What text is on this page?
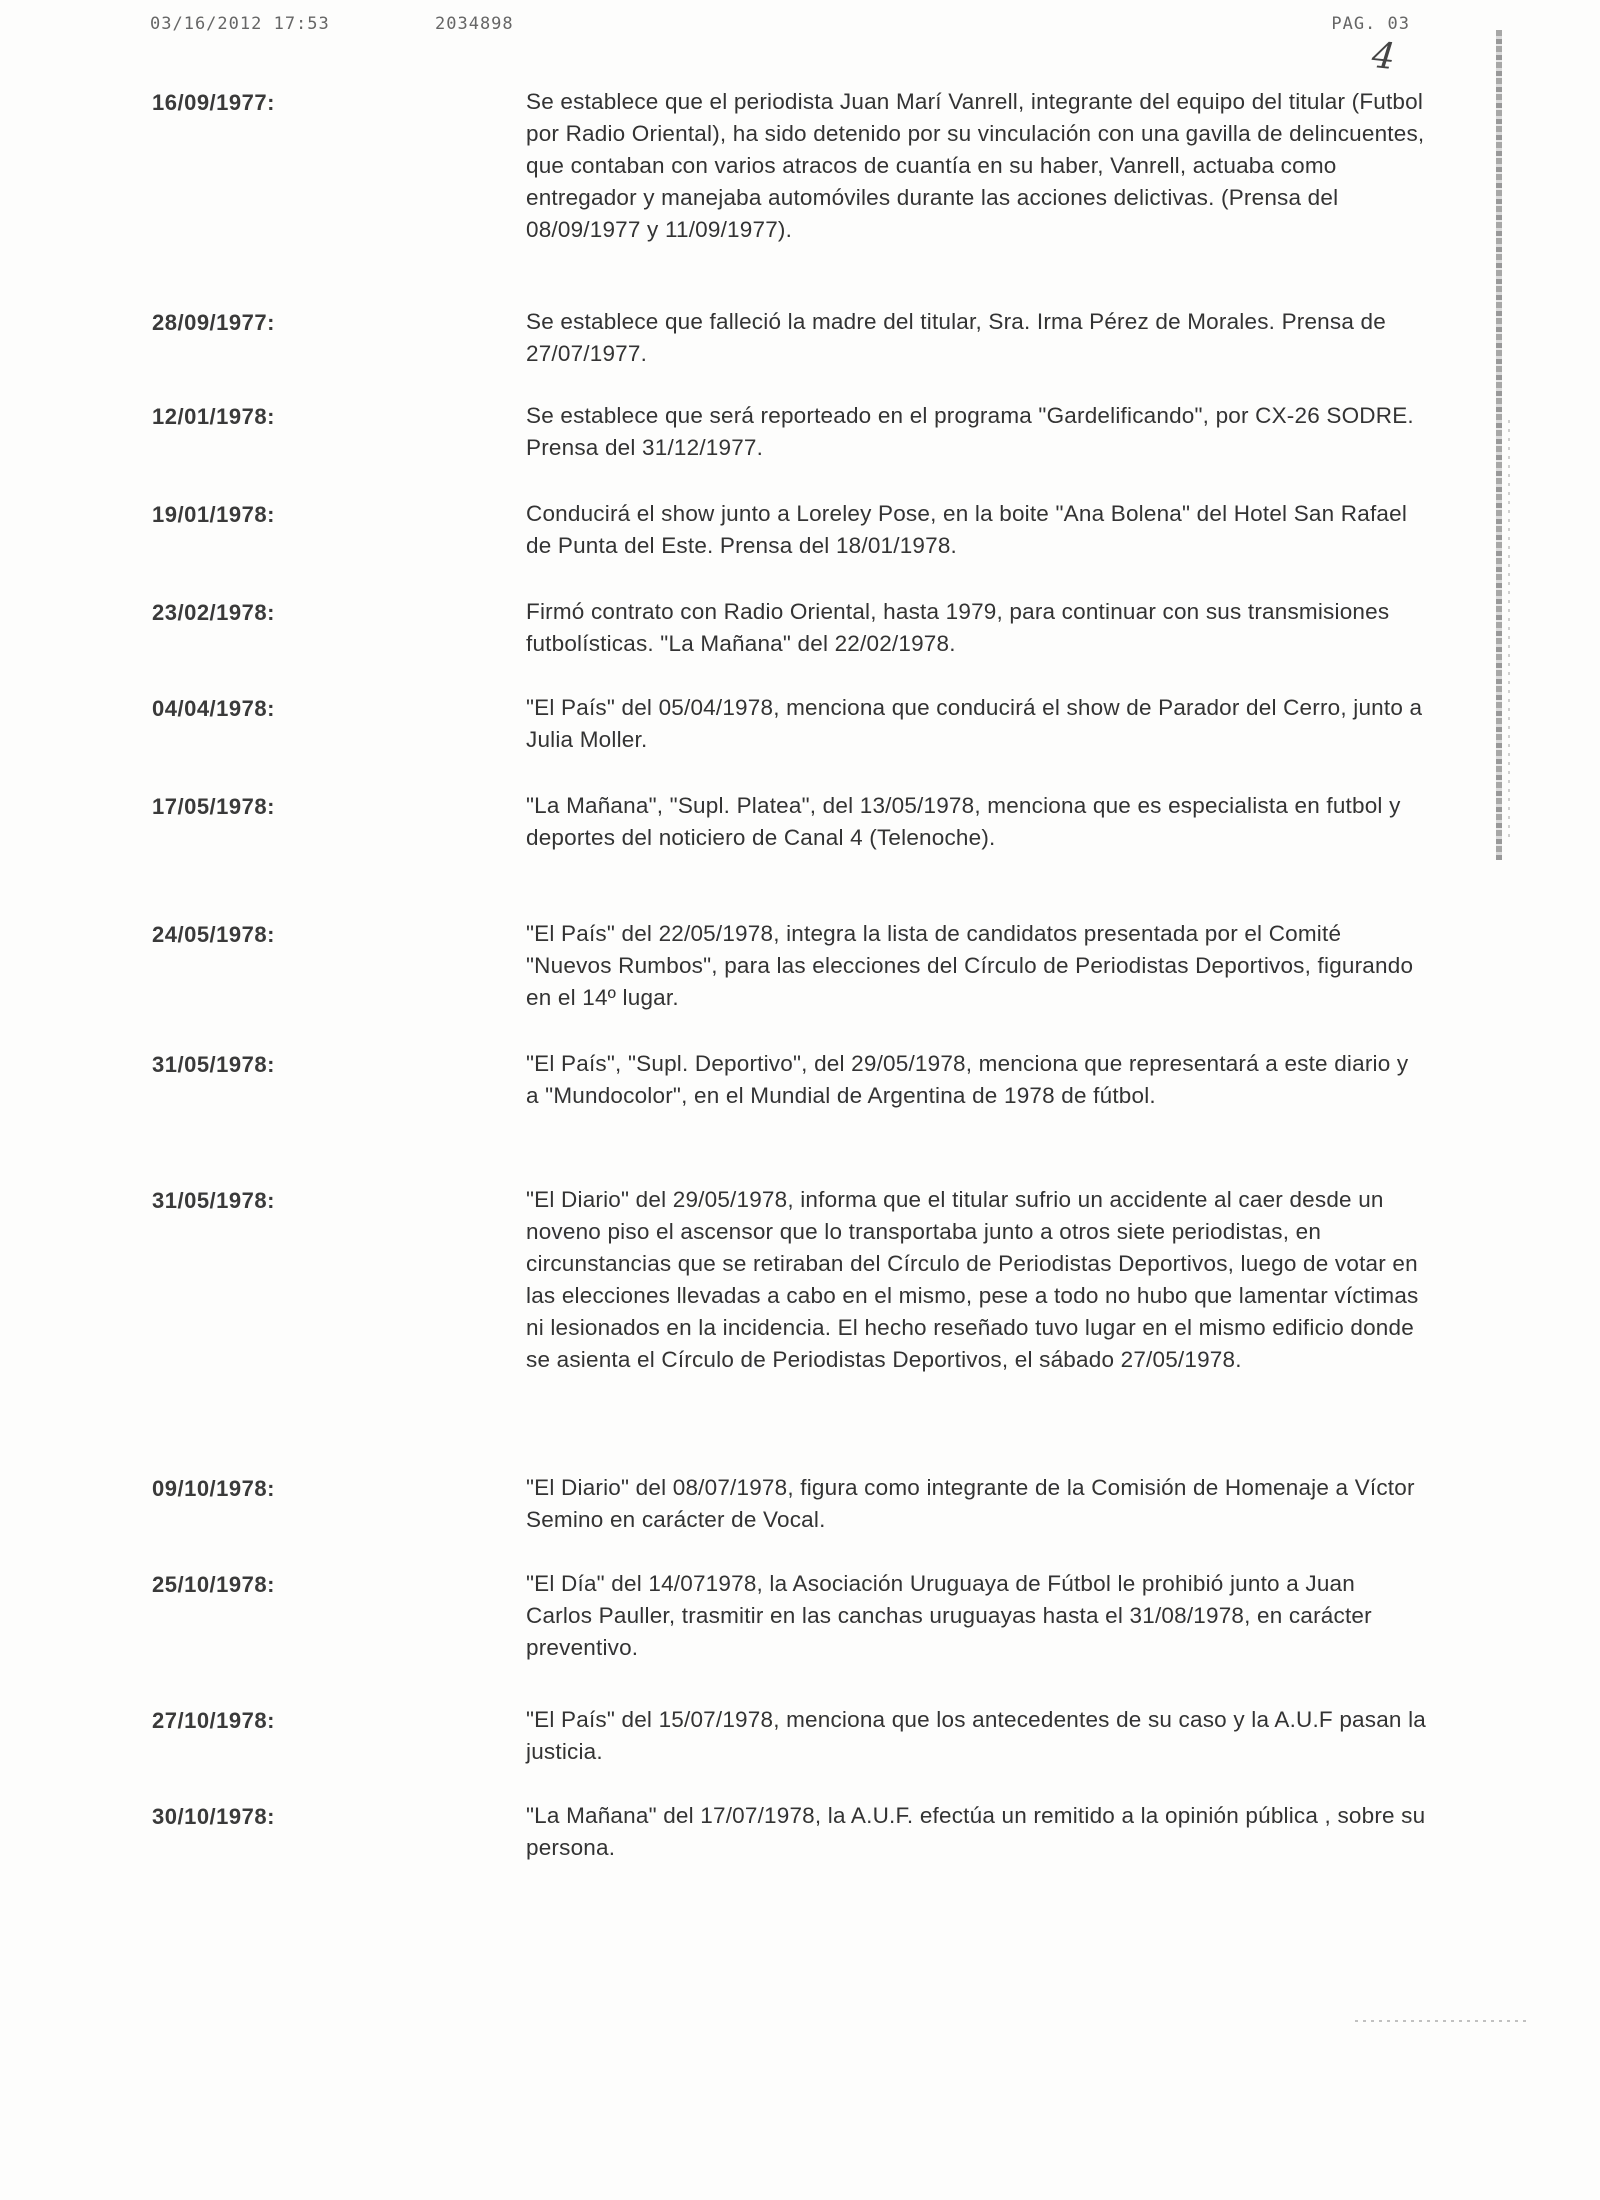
03/16/2012 17:53	2034898	PAG. 03
4
16/09/1977:	Se establece que el periodista Juan Marí Vanrell, integrante del equipo del titular (Futbol por Radio Oriental), ha sido detenido por su vinculación con una gavilla de delincuentes, que contaban con varios atracos de cuantía en su haber, Vanrell, actuaba como entregador y manejaba automóviles durante las acciones delictivas. (Prensa del 08/09/1977 y 11/09/1977).
28/09/1977:	Se establece que falleció la madre del titular, Sra. Irma Pérez de Morales. Prensa de 27/07/1977.
12/01/1978:	Se establece que será reporteado en el programa "Gardelificando", por CX-26 SODRE. Prensa del 31/12/1977.
19/01/1978:	Conducirá el show junto a Loreley Pose, en la boite "Ana Bolena" del Hotel San Rafael de Punta del Este. Prensa del 18/01/1978.
23/02/1978:	Firmó contrato con Radio Oriental, hasta 1979, para continuar con sus transmisiones futbolísticas. "La Mañana" del 22/02/1978.
04/04/1978:	"El País" del 05/04/1978, menciona que conducirá el show de Parador del Cerro, junto a Julia Moller.
17/05/1978:	"La Mañana", "Supl. Platea", del 13/05/1978, menciona que es especialista en futbol y deportes del noticiero de Canal 4 (Telenoche).
24/05/1978:	"El País" del 22/05/1978, integra la lista de candidatos presentada por el Comité "Nuevos Rumbos", para las elecciones del Círculo de Periodistas Deportivos, figurando en el 14º lugar.
31/05/1978:	"El País", "Supl. Deportivo", del 29/05/1978, menciona que representará a este diario y a "Mundocolor", en el Mundial de Argentina de 1978 de fútbol.
31/05/1978:	"El Diario" del 29/05/1978, informa que el titular sufrio un accidente al caer desde un noveno piso el ascensor que lo transportaba junto a otros siete periodistas, en circunstancias que se retiraban del Círculo de Periodistas Deportivos, luego de votar en las elecciones llevadas a cabo en el mismo, pese a todo no hubo que lamentar víctimas ni lesionados en la incidencia. El hecho reseñado tuvo lugar en el mismo edificio donde se asienta el Círculo de Periodistas Deportivos, el sábado 27/05/1978.
09/10/1978:	"El Diario" del 08/07/1978, figura como integrante de la Comisión de Homenaje a Víctor Semino en carácter de Vocal.
25/10/1978:	"El Día" del 14/071978, la Asociación Uruguaya de Fútbol le prohibió junto a Juan Carlos Pauller, trasmitir en las canchas uruguayas hasta el 31/08/1978, en carácter preventivo.
27/10/1978:	"El País" del 15/07/1978, menciona que los antecedentes de su caso y la A.U.F pasan la justicia.
30/10/1978:	"La Mañana" del 17/07/1978, la A.U.F. efectúa un remitido a la opinión pública , sobre su persona.
